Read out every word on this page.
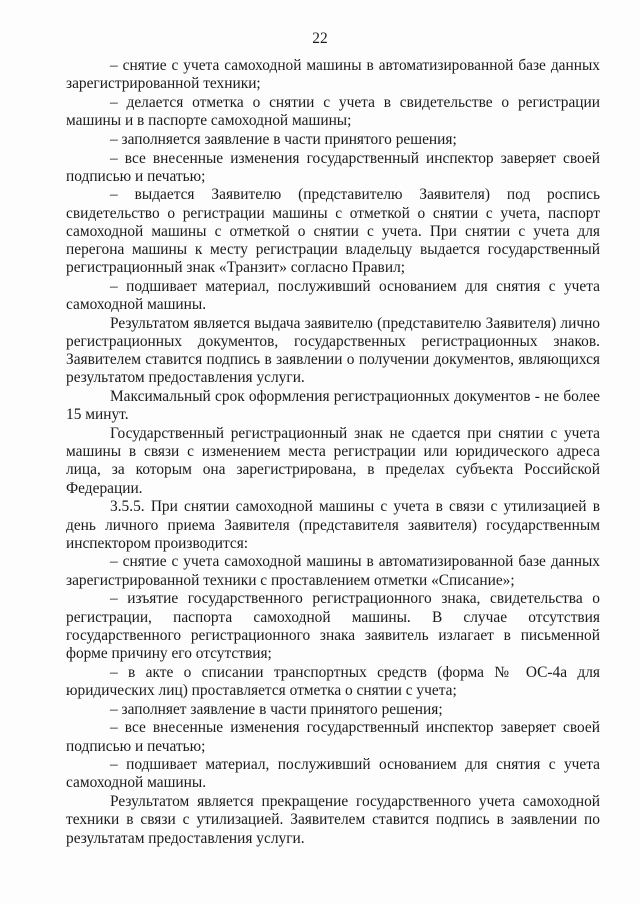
22

– снятие с учета самоходной машины в автоматизированной базе данных зарегистрированной техники;

– делается отметка о снятии с учета в свидетельстве о регистрации машины и в паспорте самоходной машины;

– заполняется заявление в части принятого решения;

– все внесенные изменения государственный инспектор заверяет своей подписью и печатью;

– выдается Заявителю (представителю Заявителя) под роспись свидетельство о регистрации машины с отметкой о снятии с учета, паспорт самоходной машины с отметкой о снятии с учета. При снятии с учета для перегона машины к месту регистрации владельцу выдается государственный регистрационный знак «Транзит» согласно Правил;

– подшивает материал, послуживший основанием для снятия с учета самоходной машины.

Результатом является выдача заявителю (представителю Заявителя) лично регистрационных документов, государственных регистрационных знаков. Заявителем ставится подпись в заявлении о получении документов, являющихся результатом предоставления услуги.

Максимальный срок оформления регистрационных документов - не более 15 минут.

Государственный регистрационный знак не сдается при снятии с учета машины в связи с изменением места регистрации или юридического адреса лица, за которым она зарегистрирована, в пределах субъекта Российской Федерации.

3.5.5. При снятии самоходной машины с учета в связи с утилизацией в день личного приема Заявителя (представителя заявителя) государственным инспектором производится:

– снятие с учета самоходной машины в автоматизированной базе данных зарегистрированной техники с проставлением отметки «Списание»;

– изъятие государственного регистрационного знака, свидетельства о регистрации, паспорта самоходной машины. В случае отсутствия государственного регистрационного знака заявитель излагает в письменной форме причину его отсутствия;

– в акте о списании транспортных средств (форма № ОС-4а для юридических лиц) проставляется отметка о снятии с учета;

– заполняет заявление в части принятого решения;

– все внесенные изменения государственный инспектор заверяет своей подписью и печатью;

– подшивает материал, послуживший основанием для снятия с учета самоходной машины.

Результатом является прекращение государственного учета самоходной техники в связи с утилизацией. Заявителем ставится подпись в заявлении по результатам предоставления услуги.
